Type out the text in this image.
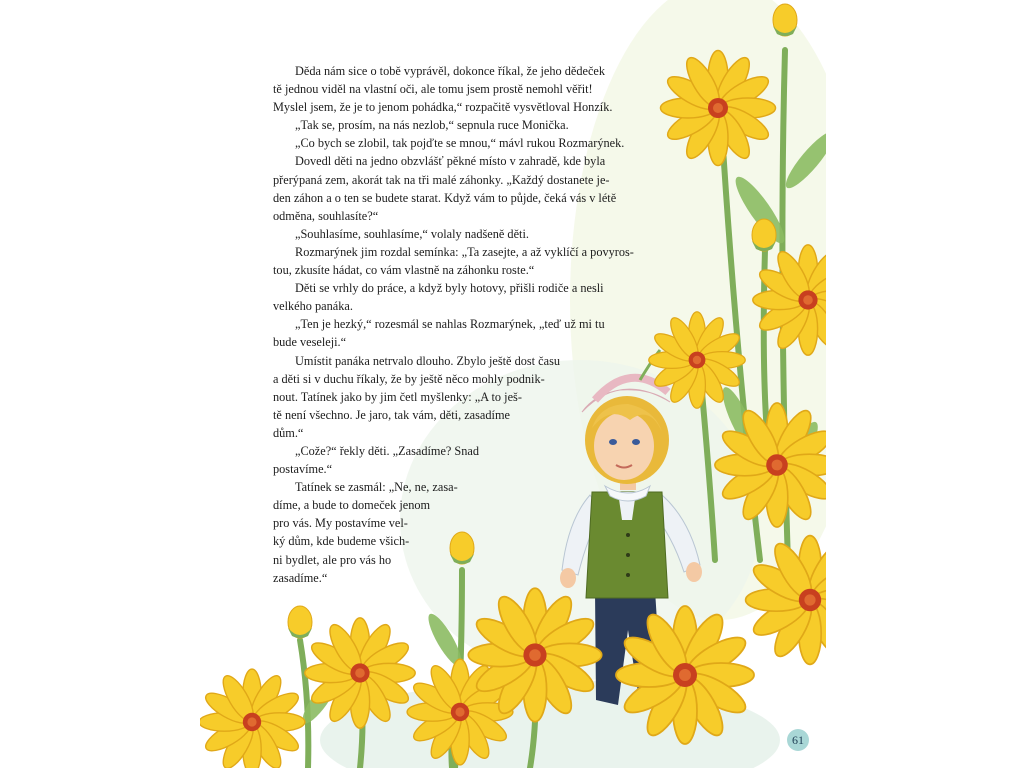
Děda nám sice o tobě vyprávěl, dokonce říkal, že jeho dědeček

tě jednou viděl na vlastní oči, ale tomu jsem prostě nemohl věřit!

Myslel jsem, že je to jenom pohádka,“ rozpačitě vysvětloval Honzík.

„Tak se, prosím, na nás nezlob,“ sepnula ruce Monička.

„Co bych se zlobil, tak pojďte se mnou,“ mávl rukou Rozmarýnek.

Dovedl děti na jedno obzvlášť pěkné místo v zahradě, kde byla

přerýpaná zem, akorát tak na tři malé záhonky. „Každý dostanete je-

den záhon a o ten se budete starat. Když vám to půjde, čeká vás v létě

odměna, souhlasíte?“

„Souhlasíme, souhlasíme,“ volaly nadšeně děti.

Rozmarýnek jim rozdal semínka: „Ta zasejte, a až vyklíčí a povyros-

tou, zkusíte hádat, co vám vlastně na záhonku roste.“

Děti se vrhly do práce, a když byly hotovy, přišli rodiče a nesli

velkého panáka.

„Ten je hezký,“ rozesmál se nahlas Rozmarýnek, „teď už mi tu

bude veseleji.“

Umístit panáka netrvalo dlouho. Zbylo ještě dost času

a děti si v duchu říkaly, že by ještě něco mohly podnik-

nout. Tatínek jako by jim četl myšlenky: „A to ješ-

tě není všechno. Je jaro, tak vám, děti, zasadíme

dům.“

„Cože?“ řekly děti. „Zasadíme? Snad

postavíme.“

Tatínek se zasmál: „Ne, ne, zasa-

díme, a bude to domeček jenom

pro vás. My postavíme vel-

ký dům, kde budeme všich-

ni bydlet, ale pro vás ho

zasadíme.“

61
